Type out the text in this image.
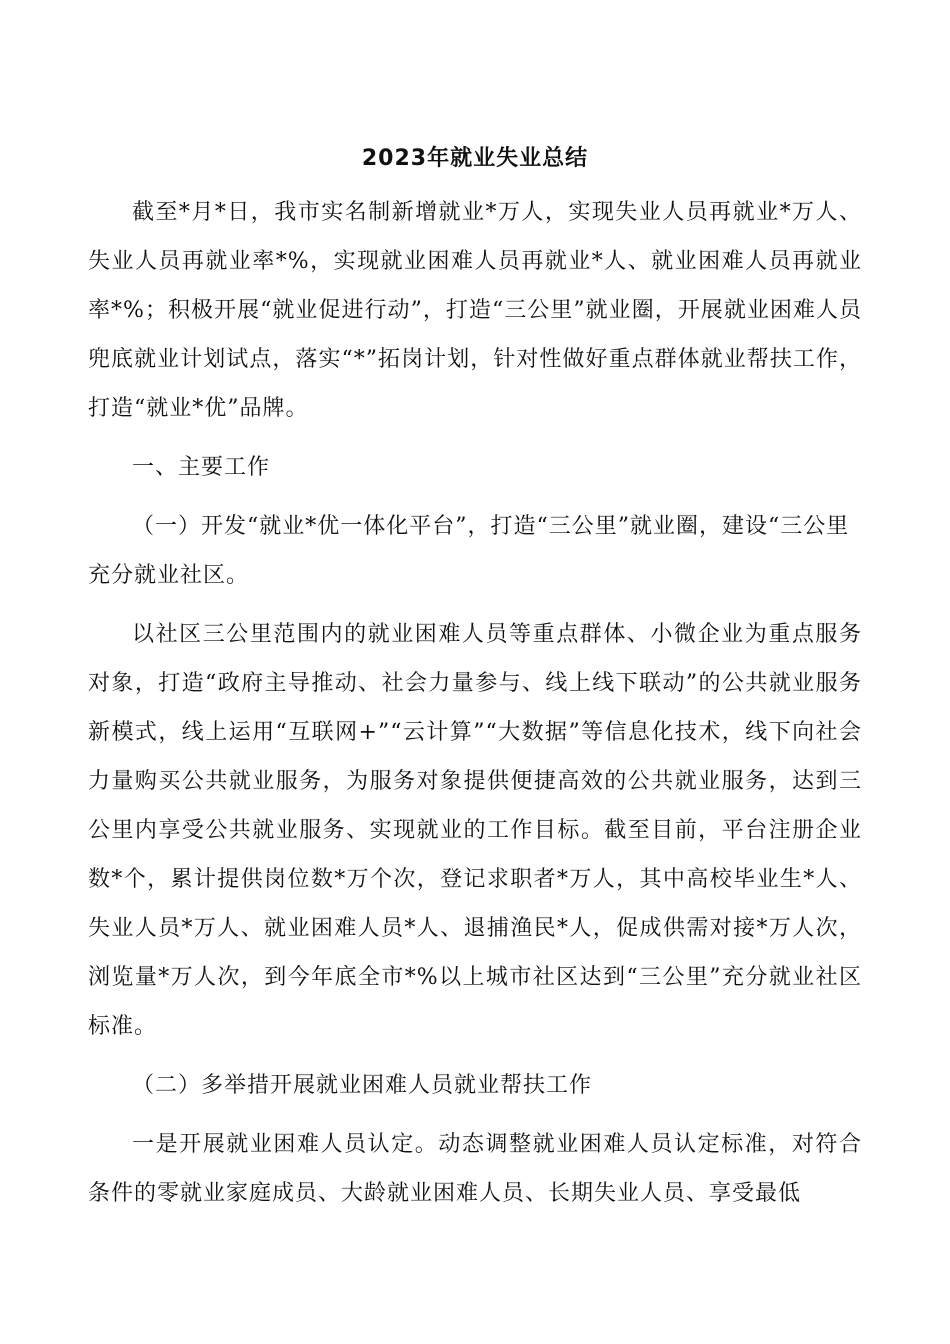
2023年就业失业总结

截至*月*日，我市实名制新增就业*万人，实现失业人员再就业*万人、失业人员再就业率*%，实现就业困难人员再就业*人、就业困难人员再就业率*%；积极开展“就业促进行动”，打造“三公里”就业圈，开展就业困难人员兜底就业计划试点，落实“*”拓岗计划，针对性做好重点群体就业帮扶工作，打造“就业*优”品牌。

一、主要工作

（一）开发“就业*优一体化平台”，打造“三公里”就业圈，建设“三公里充分就业社区。

以社区三公里范围内的就业困难人员等重点群体、小微企业为重点服务对象，打造“政府主导推动、社会力量参与、线上线下联动”的公共就业服务新模式，线上运用“互联网+”“云计算”“大数据”等信息化技术，线下向社会力量购买公共就业服务，为服务对象提供便捷高效的公共就业服务，达到三公里内享受公共就业服务、实现就业的工作目标。截至目前，平台注册企业数*个，累计提供岗位数*万个次，登记求职者*万人，其中高校毕业生*人、失业人员*万人、就业困难人员*人、退捕渔民*人，促成供需对接*万人次，浏览量*万人次，到今年底全市*%以上城市社区达到“三公里”充分就业社区标准。

（二）多举措开展就业困难人员就业帮扶工作

一是开展就业困难人员认定。动态调整就业困难人员认定标准，对符合条件的零就业家庭成员、大龄就业困难人员、长期失业人员、享受最低
